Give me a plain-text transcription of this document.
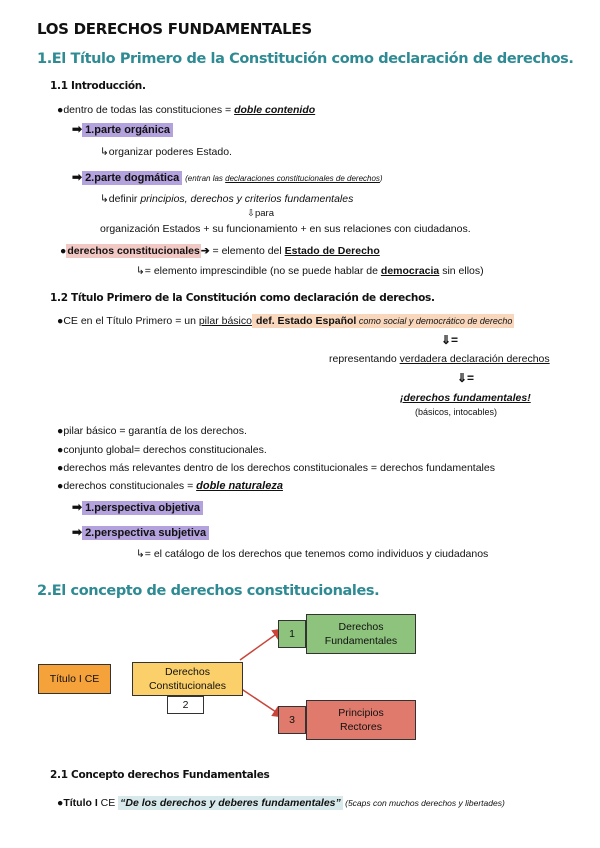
LOS DERECHOS FUNDAMENTALES
1.El Título Primero de la Constitución como declaración de derechos.
1.1 Introducción.
●dentro de todas las constituciones = doble contenido
➡ 1.parte orgánica
↳organizar poderes Estado.
➡ 2.parte dogmática (entran las declaraciones constitucionales de derechos)
↳definir principios, derechos y criterios fundamentales
⇩para
organización Estados + su funcionamiento + en sus relaciones con ciudadanos.
●derechos constitucionales➔ = elemento del Estado de Derecho
↳= elemento imprescindible (no se puede hablar de democracia sin ellos)
1.2 Título Primero de la Constitución como declaración de derechos.
●CE en el Título Primero = un pilar básico def. Estado Español como social y democrático de derecho
⇓=
representando verdadera declaración derechos
⇓=
¡derechos fundamentales!
(básicos, intocables)
●pilar básico = garantía de los derechos.
●conjunto global= derechos constitucionales.
●derechos más relevantes dentro de los derechos constitucionales = derechos fundamentales
●derechos constitucionales = doble naturaleza
➡ 1.perspectiva objetiva
➡ 2.perspectiva subjetiva
↳= el catálogo de los derechos que tenemos como individuos y ciudadanos
2.El concepto de derechos constitucionales.
Título I CE
Derechos
Constitucionales
2
1
Derechos
Fundamentales
3
Principios
Rectores
2.1 Concepto derechos Fundamentales
●Título I CE “De los derechos y deberes fundamentales” (5caps con muchos derechos y libertades)
